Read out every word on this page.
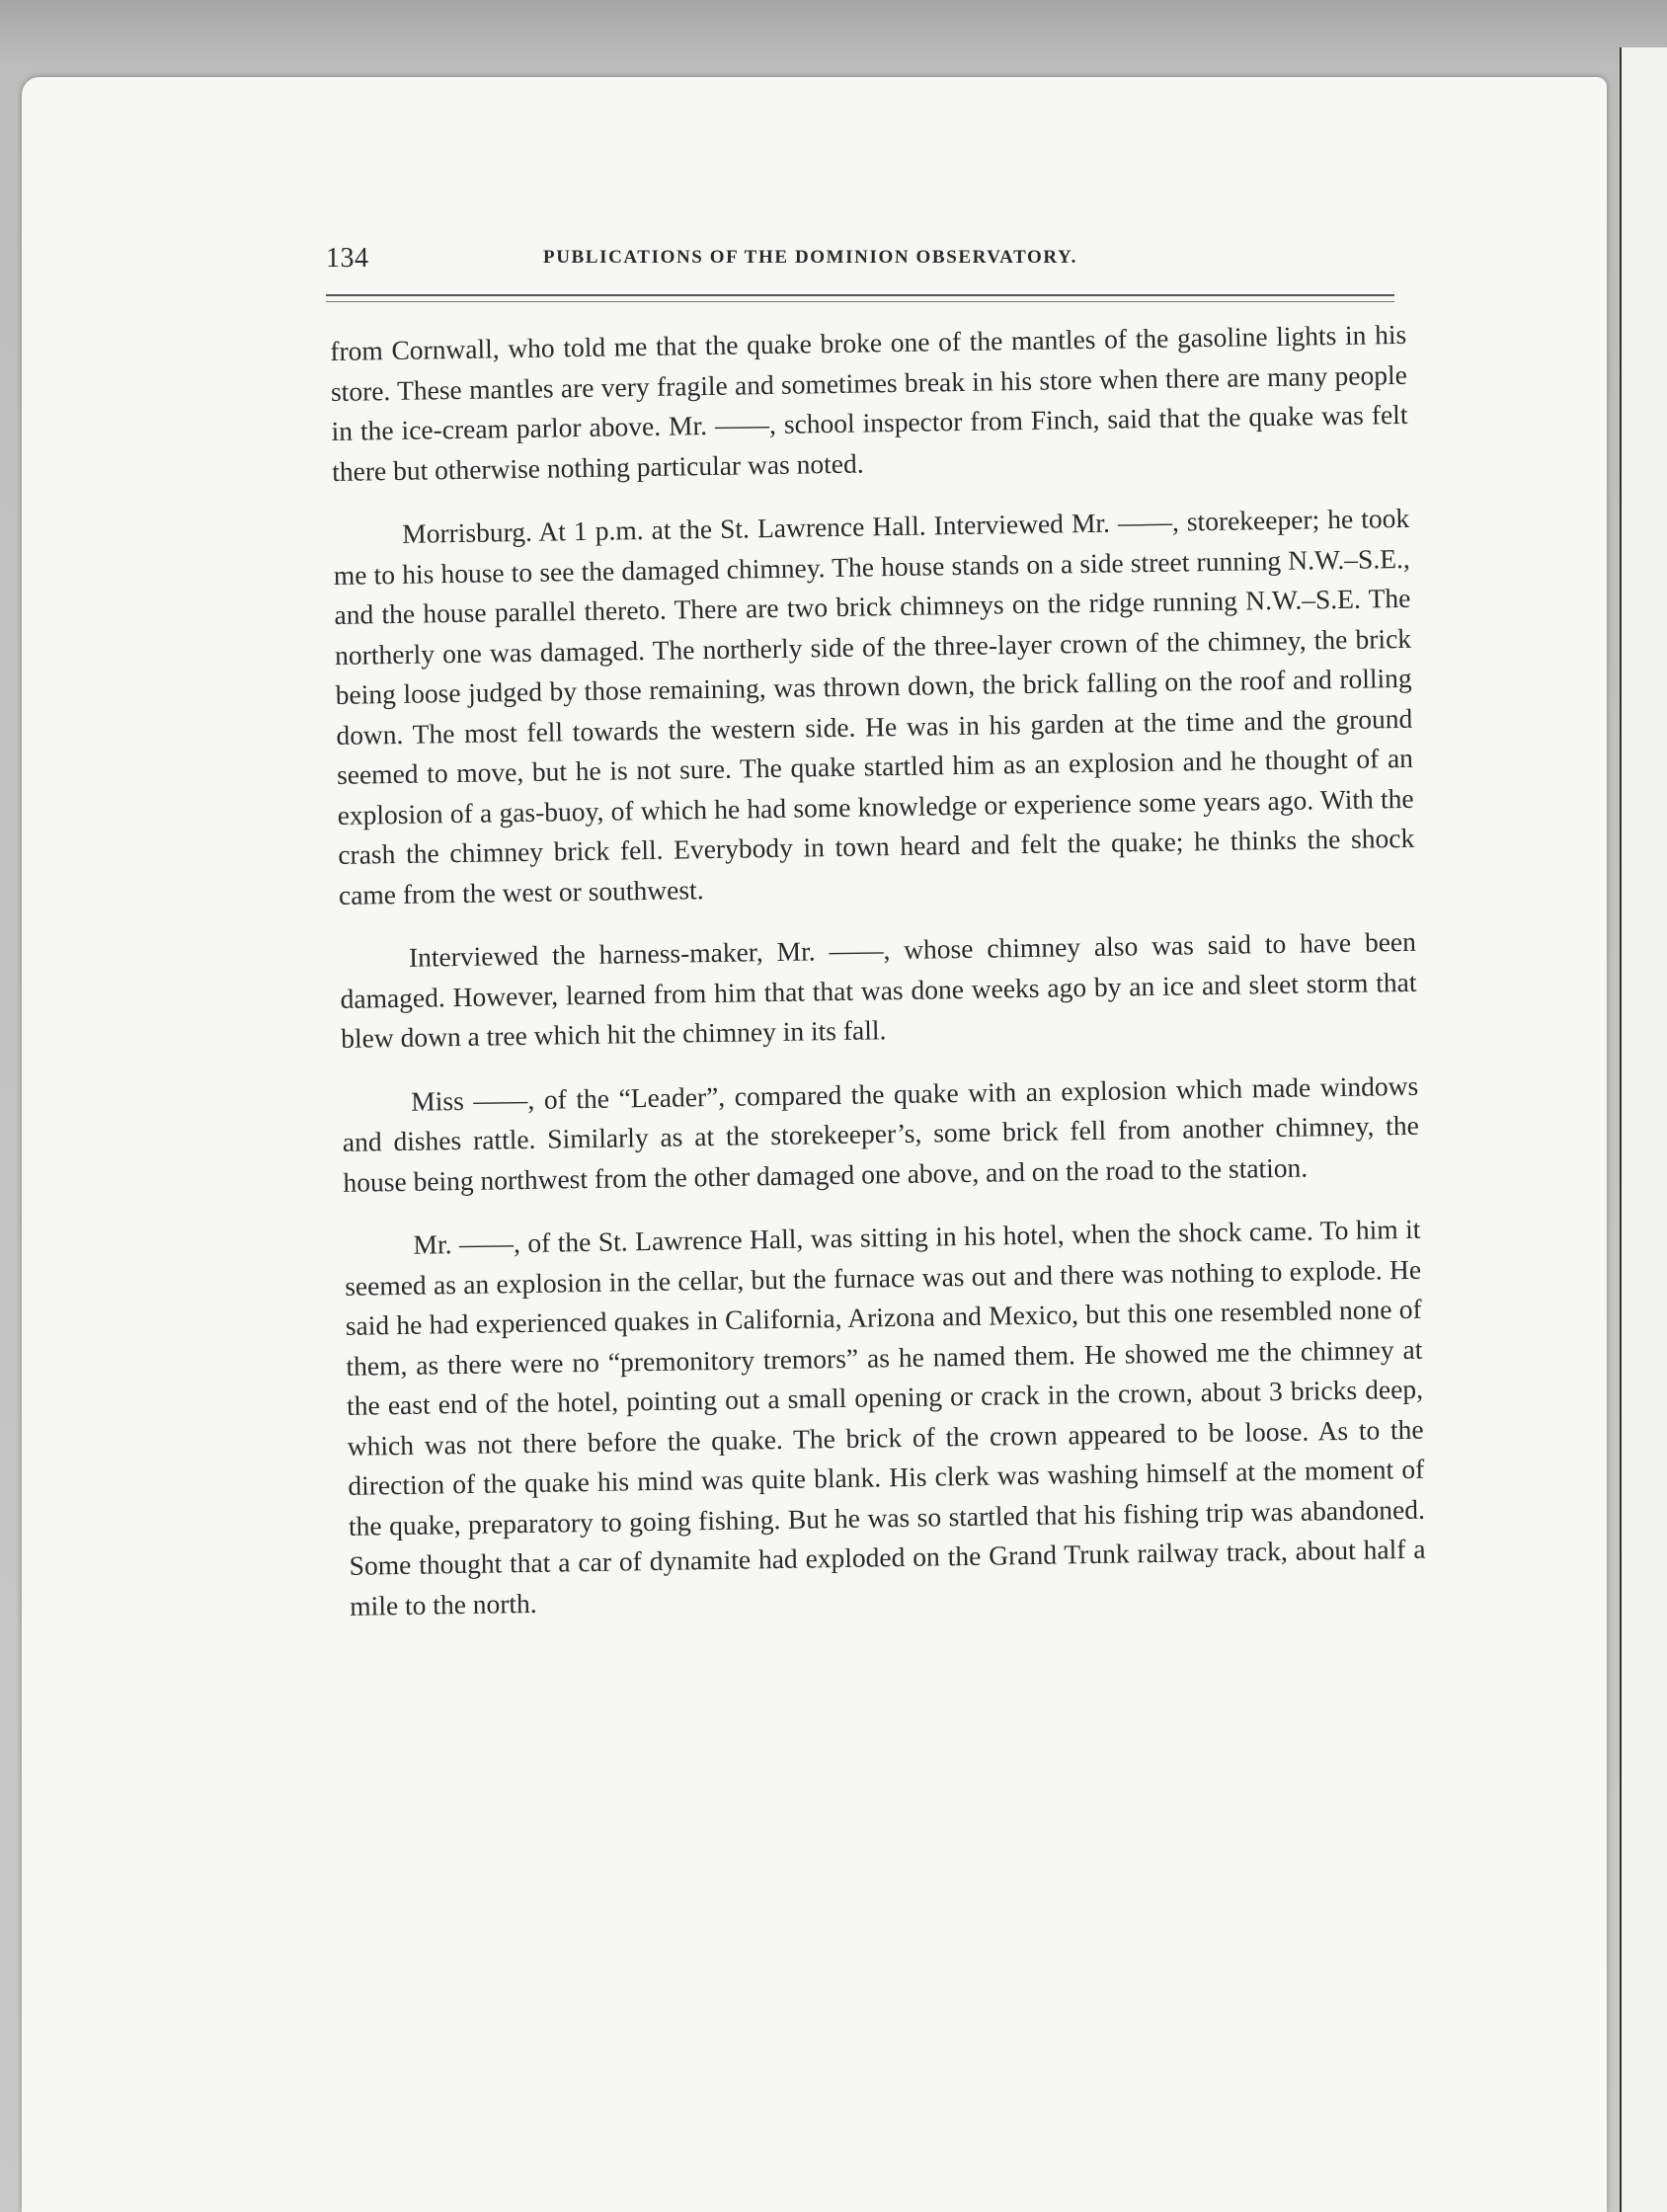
134	PUBLICATIONS OF THE DOMINION OBSERVATORY.

from Cornwall, who told me that the quake broke one of the mantles of the gasoline lights in his store. These mantles are very fragile and sometimes break in his store when there are many people in the ice-cream parlor above. Mr. ——, school inspector from Finch, said that the quake was felt there but otherwise nothing particular was noted.

Morrisburg. At 1 p.m. at the St. Lawrence Hall. Interviewed Mr. ——, storekeeper; he took me to his house to see the damaged chimney. The house stands on a side street running N.W.–S.E., and the house parallel thereto. There are two brick chimneys on the ridge running N.W.–S.E. The northerly one was damaged. The northerly side of the three-layer crown of the chimney, the brick being loose judged by those remaining, was thrown down, the brick falling on the roof and rolling down. The most fell towards the western side. He was in his garden at the time and the ground seemed to move, but he is not sure. The quake startled him as an explosion and he thought of an explosion of a gas-buoy, of which he had some knowledge or experience some years ago. With the crash the chimney brick fell. Everybody in town heard and felt the quake; he thinks the shock came from the west or southwest.

Interviewed the harness-maker, Mr. ——, whose chimney also was said to have been damaged. However, learned from him that that was done weeks ago by an ice and sleet storm that blew down a tree which hit the chimney in its fall.

Miss ——, of the “Leader”, compared the quake with an explosion which made windows and dishes rattle. Similarly as at the storekeeper’s, some brick fell from another chimney, the house being northwest from the other damaged one above, and on the road to the station.

Mr. ——, of the St. Lawrence Hall, was sitting in his hotel, when the shock came. To him it seemed as an explosion in the cellar, but the furnace was out and there was nothing to explode. He said he had experienced quakes in California, Arizona and Mexico, but this one resembled none of them, as there were no “premonitory tremors” as he named them. He showed me the chimney at the east end of the hotel, pointing out a small opening or crack in the crown, about 3 bricks deep, which was not there before the quake. The brick of the crown appeared to be loose. As to the direction of the quake his mind was quite blank. His clerk was washing himself at the moment of the quake, preparatory to going fishing. But he was so startled that his fishing trip was abandoned. Some thought that a car of dynamite had exploded on the Grand Trunk railway track, about half a mile to the north.
